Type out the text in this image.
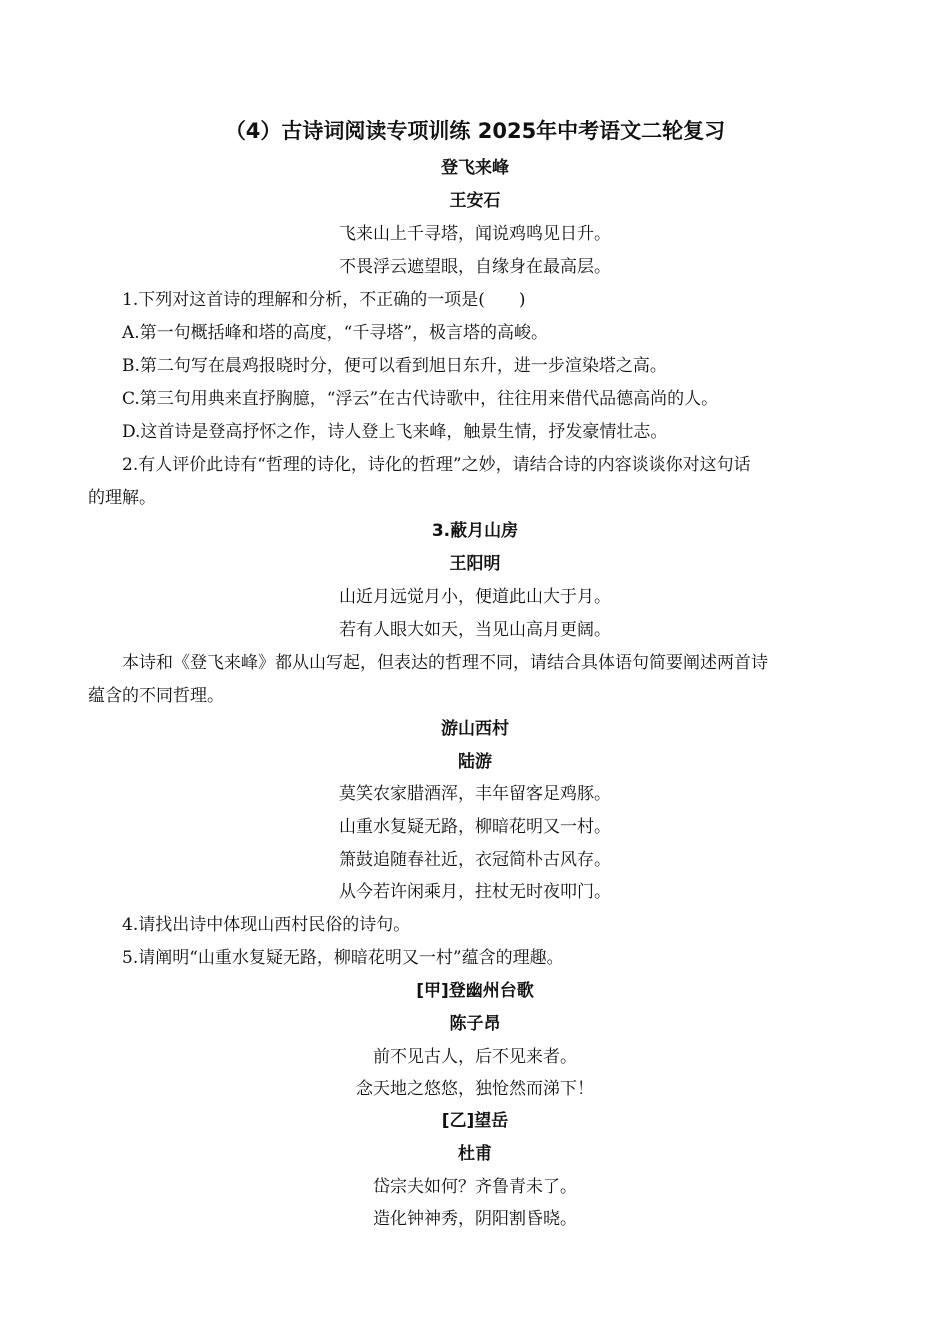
（4）古诗词阅读专项训练 2025年中考语文二轮复习
登飞来峰
王安石
飞来山上千寻塔，闻说鸡鸣见日升。
不畏浮云遮望眼，自缘身在最高层。
1.下列对这首诗的理解和分析，不正确的一项是(　　)
A.第一句概括峰和塔的高度，“千寻塔”，极言塔的高峻。
B.第二句写在晨鸡报晓时分，便可以看到旭日东升，进一步渲染塔之高。
C.第三句用典来直抒胸臆，“浮云”在古代诗歌中，往往用来借代品德高尚的人。
D.这首诗是登高抒怀之作，诗人登上飞来峰，触景生情，抒发豪情壮志。
2.有人评价此诗有“哲理的诗化，诗化的哲理”之妙，请结合诗的内容谈谈你对这句话
的理解。
3.蔽月山房
王阳明
山近月远觉月小，便道此山大于月。
若有人眼大如天，当见山高月更阔。
本诗和《登飞来峰》都从山写起，但表达的哲理不同，请结合具体语句简要阐述两首诗
蕴含的不同哲理。
游山西村
陆游
莫笑农家腊酒浑，丰年留客足鸡豚。
山重水复疑无路，柳暗花明又一村。
箫鼓追随春社近，衣冠简朴古风存。
从今若许闲乘月，拄杖无时夜叩门。
4.请找出诗中体现山西村民俗的诗句。
5.请阐明“山重水复疑无路，柳暗花明又一村”蕴含的理趣。
[甲]登幽州台歌
陈子昂
前不见古人，后不见来者。
念天地之悠悠，独怆然而涕下！
[乙]望岳
杜甫
岱宗夫如何？齐鲁青未了。
造化钟神秀，阴阳割昏晓。
